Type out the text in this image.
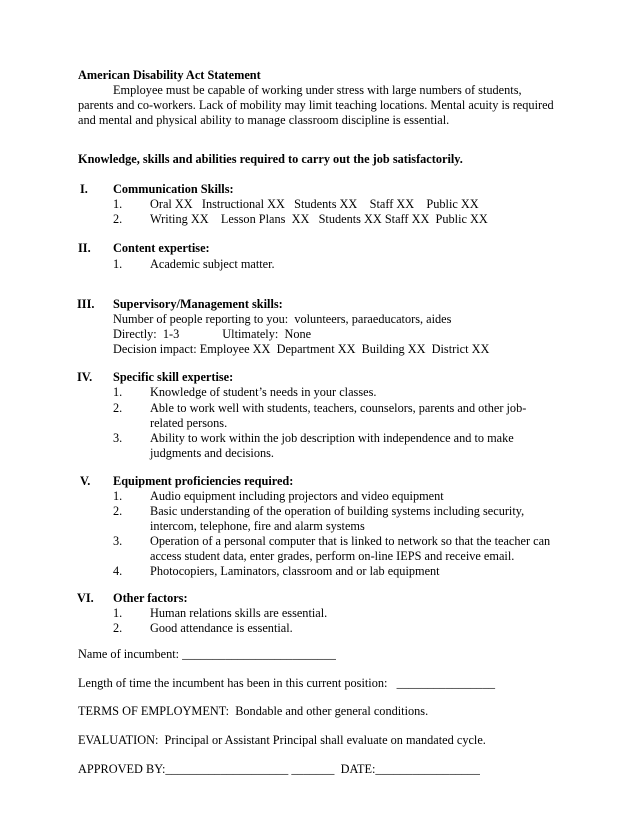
American Disability Act Statement
Employee must be capable of working under stress with large numbers of students,
parents and co-workers. Lack of mobility may limit teaching locations. Mental acuity is required
and mental and physical ability to manage classroom discipline is essential.
Knowledge, skills and abilities required to carry out the job satisfactorily.
I.	Communication Skills:
1. Oral XX   Instructional XX   Students XX    Staff XX    Public XX
2. Writing XX    Lesson Plans  XX   Students XX Staff XX  Public XX
II.	Content expertise:
1. Academic subject matter.
III.	Supervisory/Management skills:
Number of people reporting to you:  volunteers, paraeducators, aides
Directly:  1-3              Ultimately:  None
Decision impact: Employee XX  Department XX  Building XX  District XX
IV.	Specific skill expertise:
1. Knowledge of student’s needs in your classes.
2. Able to work well with students, teachers, counselors, parents and other job-
related persons.
3. Ability to work within the job description with independence and to make
judgments and decisions.
V.	Equipment proficiencies required:
1. Audio equipment including projectors and video equipment
2. Basic understanding of the operation of building systems including security,
intercom, telephone, fire and alarm systems
3. Operation of a personal computer that is linked to network so that the teacher can
access student data, enter grades, perform on-line IEPS and receive email.
4. Photocopiers, Laminators, classroom and or lab equipment
VI.	Other factors:
1. Human relations skills are essential.
2. Good attendance is essential.
Name of incumbent: _________________________
Length of time the incumbent has been in this current position:   ________________
TERMS OF EMPLOYMENT:  Bondable and other general conditions.
EVALUATION:  Principal or Assistant Principal shall evaluate on mandated cycle.
APPROVED BY:____________________ _______  DATE:_________________
